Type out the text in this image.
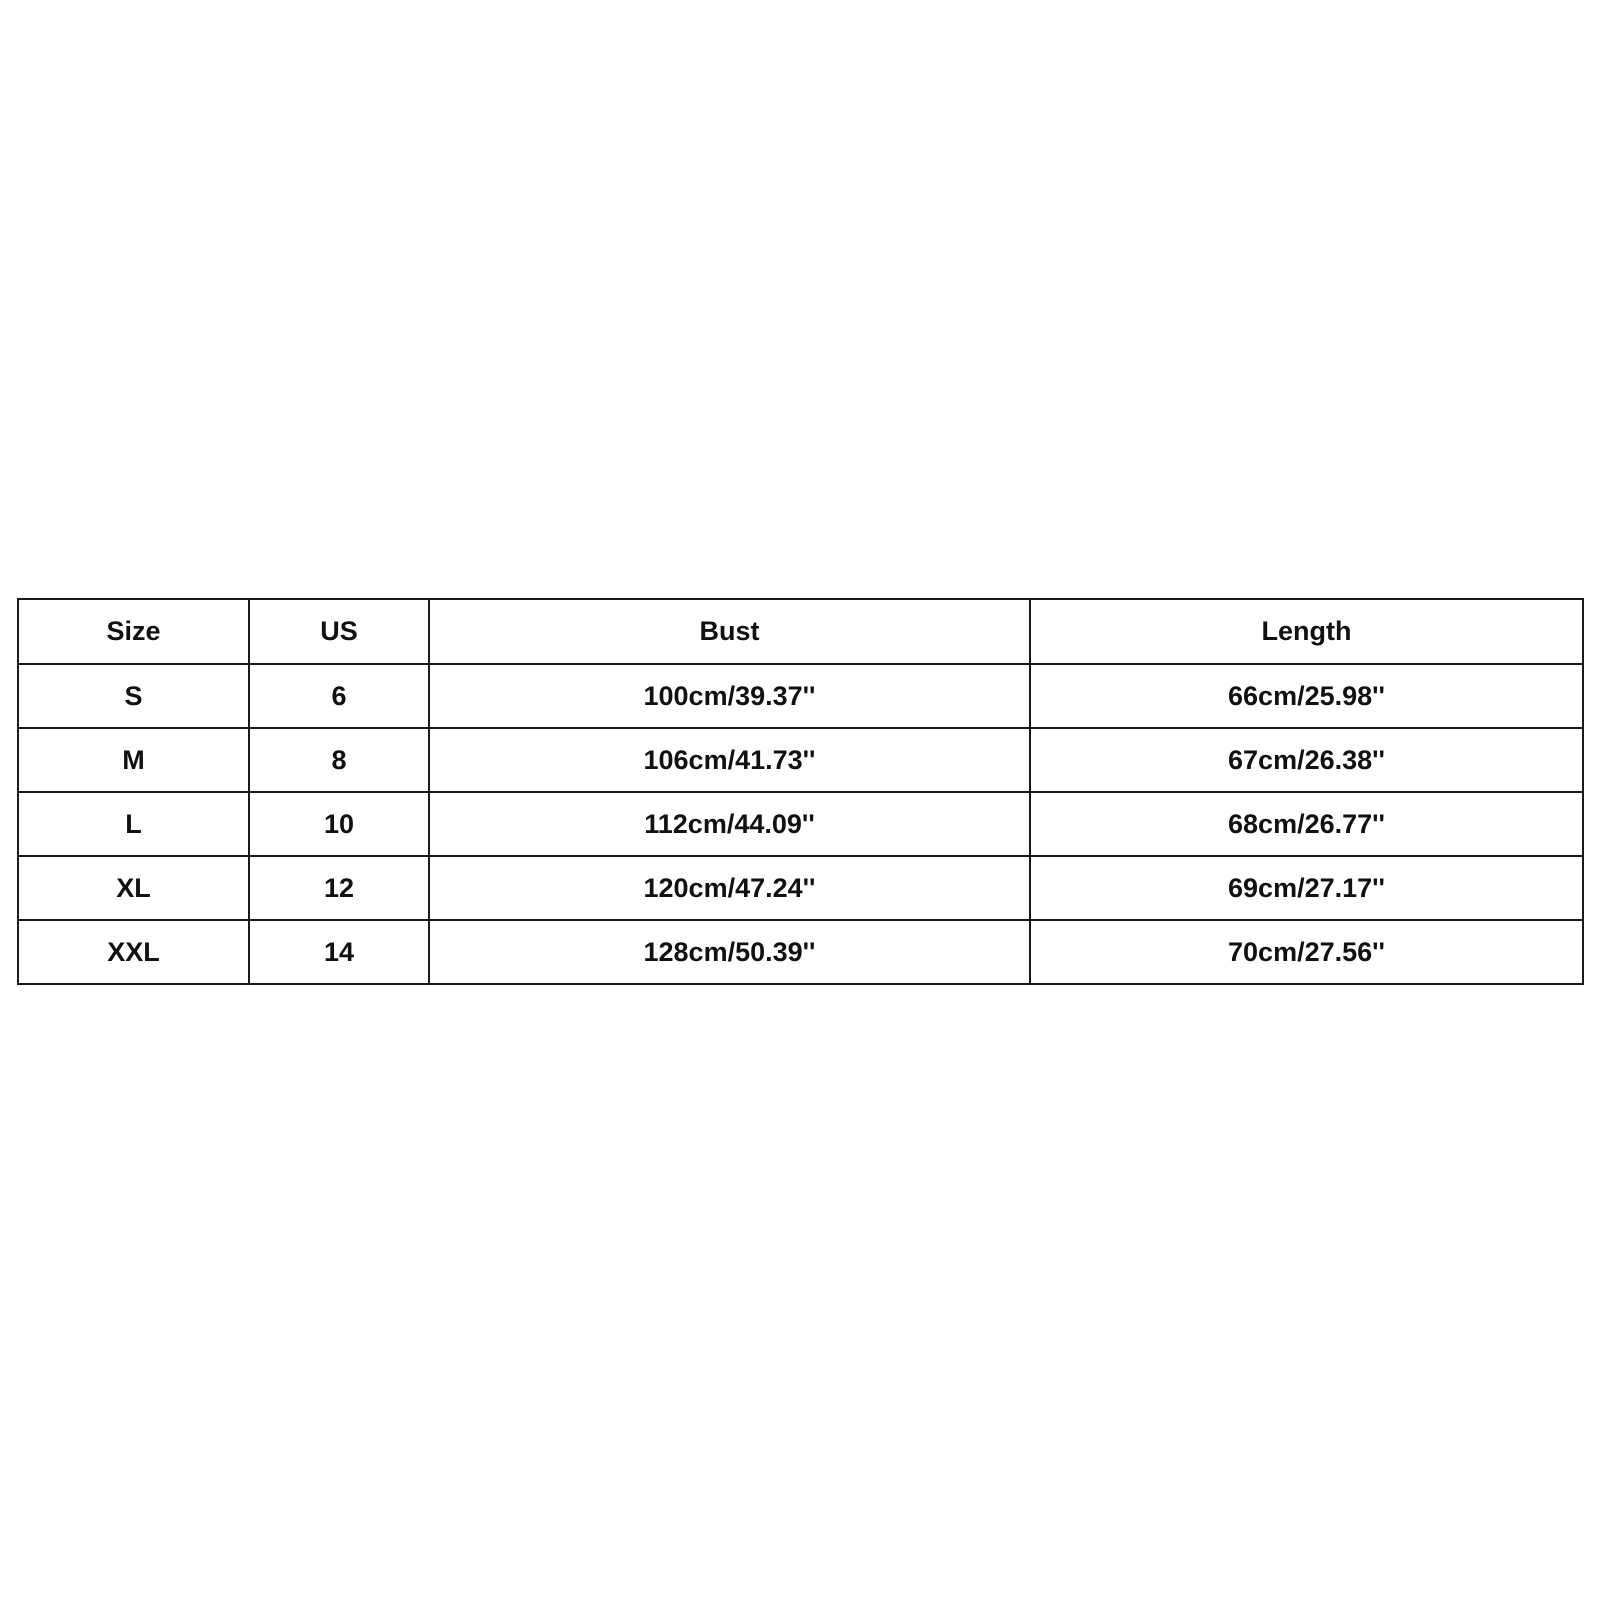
Size	US	Bust	Length
S	6	100cm/39.37''	66cm/25.98''
M	8	106cm/41.73''	67cm/26.38''
L	10	112cm/44.09''	68cm/26.77''
XL	12	120cm/47.24''	69cm/27.17''
XXL	14	128cm/50.39''	70cm/27.56''
